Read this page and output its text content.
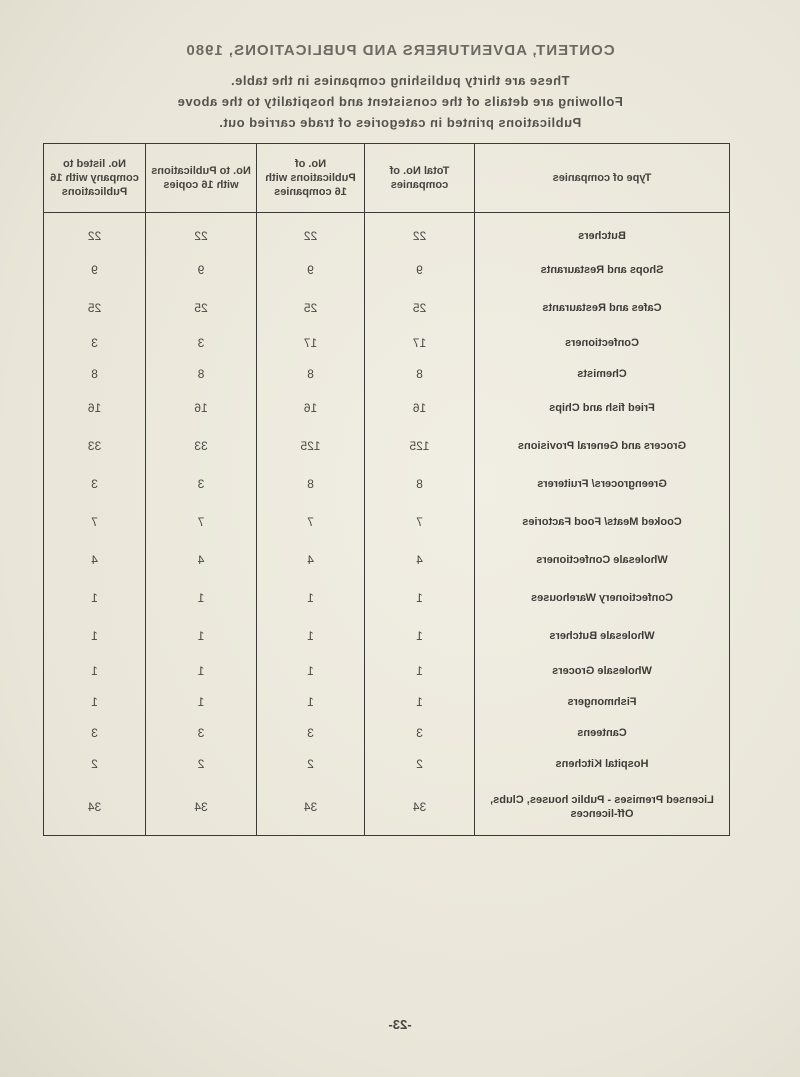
CONTENT, ADVENTURERS AND PUBLICATIONS, 1980
These are thirty publishing companies in the table.
Following are details of the consistent and hospitality to the above
Publications printed in categories of trade carried out.
Type of companies	Total No. of companies	No. of Publications with 16 companies	No. to Publications with 16 copies	No. listed to company with 16 Publications
Butchers	22	22	22	22
Shops and Restaurants	9	9	9	9
Cafes and Restaurants	25	25	25	25
Confectioners	17	17	3	3
Chemists	8	8	8	8
Fried fish and Chips	16	16	16	16
Grocers and General Provisions	125	125	33	33
Greengrocers/ Fruiterers	8	8	3	3
Cooked Meats/ Food Factories	7	7	7	7
Wholesale Confectioners	4	4	4	4
Confectionery Warehouses	1	1	1	1
Wholesale Butchers	1	1	1	1
Wholesale Grocers	1	1	1	1
Fishmongers	1	1	1	1
Canteens	3	3	3	3
Hospital Kitchens	2	2	2	2
Licensed Premises - Public houses, Clubs, Off-licences	34	34	34	34
-23-
